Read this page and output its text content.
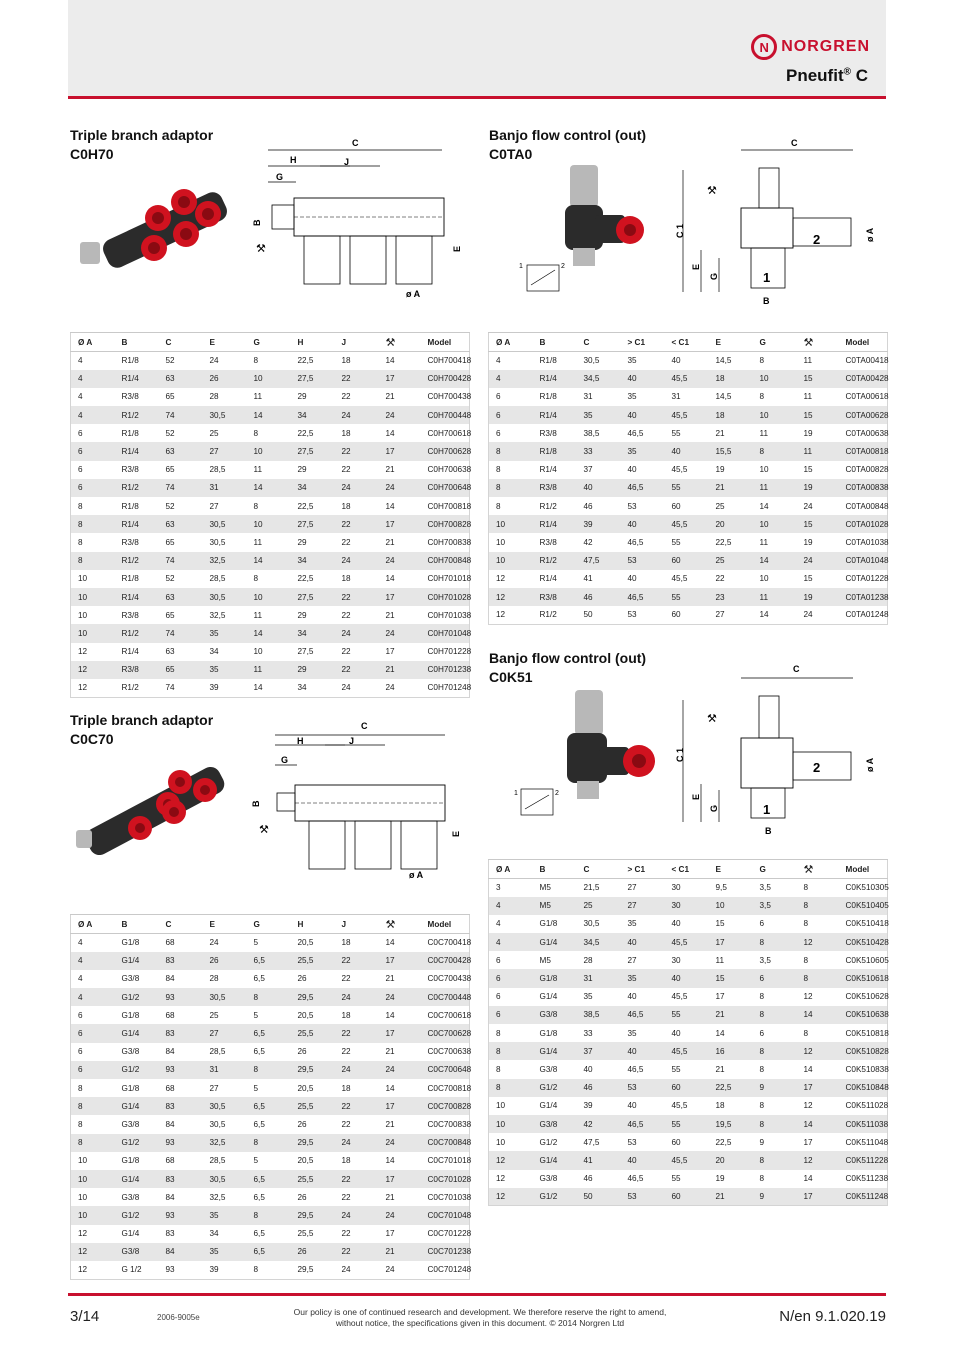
N NORGREN
Pneufit® C
Triple branch adaptor
C0H70
Banjo flow control (out)
C0TA0
Triple branch adaptor
C0C70
Banjo flow control (out)
C0K51
C
H	J
G
B
E
ø A
⚒
C
H	J
G
B
E
ø A
⚒
1	2
C
C 1
E
G
2
1
B
ø A
⚒
1	2
C
C 1
E
G
2
1
B
ø A
⚒
Ø A	B	C	E	G	H	J	⚒	Model
4	R1/8	52	24	8	22,5	18	14	C0H700418
4	R1/4	63	26	10	27,5	22	17	C0H700428
4	R3/8	65	28	11	29	22	21	C0H700438
4	R1/2	74	30,5	14	34	24	24	C0H700448
6	R1/8	52	25	8	22,5	18	14	C0H700618
6	R1/4	63	27	10	27,5	22	17	C0H700628
6	R3/8	65	28,5	11	29	22	21	C0H700638
6	R1/2	74	31	14	34	24	24	C0H700648
8	R1/8	52	27	8	22,5	18	14	C0H700818
8	R1/4	63	30,5	10	27,5	22	17	C0H700828
8	R3/8	65	30,5	11	29	22	21	C0H700838
8	R1/2	74	32,5	14	34	24	24	C0H700848
10	R1/8	52	28,5	8	22,5	18	14	C0H701018
10	R1/4	63	30,5	10	27,5	22	17	C0H701028
10	R3/8	65	32,5	11	29	22	21	C0H701038
10	R1/2	74	35	14	34	24	24	C0H701048
12	R1/4	63	34	10	27,5	22	17	C0H701228
12	R3/8	65	35	11	29	22	21	C0H701238
12	R1/2	74	39	14	34	24	24	C0H701248
Ø A	B	C	E	G	H	J	⚒	Model
4	G1/8	68	24	5	20,5	18	14	C0C700418
4	G1/4	83	26	6,5	25,5	22	17	C0C700428
4	G3/8	84	28	6,5	26	22	21	C0C700438
4	G1/2	93	30,5	8	29,5	24	24	C0C700448
6	G1/8	68	25	5	20,5	18	14	C0C700618
6	G1/4	83	27	6,5	25,5	22	17	C0C700628
6	G3/8	84	28,5	6,5	26	22	21	C0C700638
6	G1/2	93	31	8	29,5	24	24	C0C700648
8	G1/8	68	27	5	20,5	18	14	C0C700818
8	G1/4	83	30,5	6,5	25,5	22	17	C0C700828
8	G3/8	84	30,5	6,5	26	22	21	C0C700838
8	G1/2	93	32,5	8	29,5	24	24	C0C700848
10	G1/8	68	28,5	5	20,5	18	14	C0C701018
10	G1/4	83	30,5	6,5	25,5	22	17	C0C701028
10	G3/8	84	32,5	6,5	26	22	21	C0C701038
10	G1/2	93	35	8	29,5	24	24	C0C701048
12	G1/4	83	34	6,5	25,5	22	17	C0C701228
12	G3/8	84	35	6,5	26	22	21	C0C701238
12	G 1/2	93	39	8	29,5	24	24	C0C701248
Ø A	B	C	> C1	< C1	E	G	⚒	Model
4	R1/8	30,5	35	40	14,5	8	11	C0TA00418
4	R1/4	34,5	40	45,5	18	10	15	C0TA00428
6	R1/8	31	35	31	14,5	8	11	C0TA00618
6	R1/4	35	40	45,5	18	10	15	C0TA00628
6	R3/8	38,5	46,5	55	21	11	19	C0TA00638
8	R1/8	33	35	40	15,5	8	11	C0TA00818
8	R1/4	37	40	45,5	19	10	15	C0TA00828
8	R3/8	40	46,5	55	21	11	19	C0TA00838
8	R1/2	46	53	60	25	14	24	C0TA00848
10	R1/4	39	40	45,5	20	10	15	C0TA01028
10	R3/8	42	46,5	55	22,5	11	19	C0TA01038
10	R1/2	47,5	53	60	25	14	24	C0TA01048
12	R1/4	41	40	45,5	22	10	15	C0TA01228
12	R3/8	46	46,5	55	23	11	19	C0TA01238
12	R1/2	50	53	60	27	14	24	C0TA01248
Ø A	B	C	> C1	< C1	E	G	⚒	Model
3	M5	21,5	27	30	9,5	3,5	8	C0K510305
4	M5	25	27	30	10	3,5	8	C0K510405
4	G1/8	30,5	35	40	15	6	8	C0K510418
4	G1/4	34,5	40	45,5	17	8	12	C0K510428
6	M5	28	27	30	11	3,5	8	C0K510605
6	G1/8	31	35	40	15	6	8	C0K510618
6	G1/4	35	40	45,5	17	8	12	C0K510628
6	G3/8	38,5	46,5	55	21	8	14	C0K510638
8	G1/8	33	35	40	14	6	8	C0K510818
8	G1/4	37	40	45,5	16	8	12	C0K510828
8	G3/8	40	46,5	55	21	8	14	C0K510838
8	G1/2	46	53	60	22,5	9	17	C0K510848
10	G1/4	39	40	45,5	18	8	12	C0K511028
10	G3/8	42	46,5	55	19,5	8	14	C0K511038
10	G1/2	47,5	53	60	22,5	9	17	C0K511048
12	G1/4	41	40	45,5	20	8	12	C0K511228
12	G3/8	46	46,5	55	19	8	14	C0K511238
12	G1/2	50	53	60	21	9	17	C0K511248
3/14	2006-9005e
Our policy is one of continued research and development. We therefore reserve the right to amend,
without notice, the specifications given in this document. © 2014 Norgren Ltd	N/en 9.1.020.19
